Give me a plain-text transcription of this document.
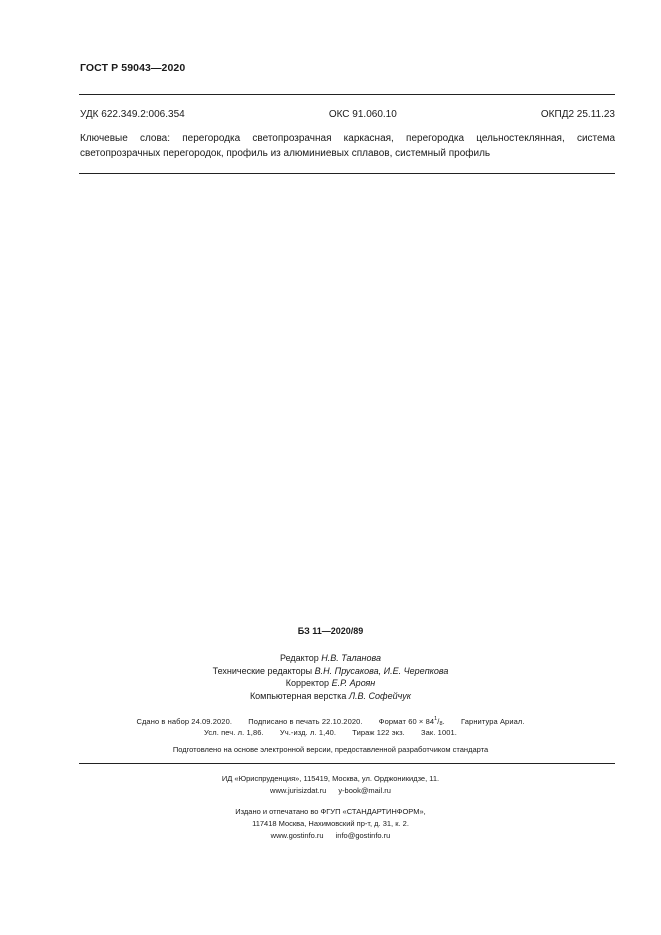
ГОСТ Р 59043—2020
УДК 622.349.2:006.354	ОКС 91.060.10	ОКПД2 25.11.23
Ключевые слова: перегородка светопрозрачная каркасная, перегородка цельностеклянная, система светопрозрачных перегородок, профиль из алюминиевых сплавов, системный профиль
БЗ 11—2020/89
Редактор Н.В. Таланова
Технические редакторы В.Н. Прусакова, И.Е. Черепкова
Корректор Е.Р. Ароян
Компьютерная верстка Л.В. Софейчук
Сдано в набор 24.09.2020. Подписано в печать 22.10.2020. Формат $60 \times 84^1/_8$. Гарнитура Ариал.
Усл. печ. л. 1,86. Уч.-изд. л. 1,40. Тираж 122 экз. Зак. 1001.
Подготовлено на основе электронной версии, предоставленной разработчиком стандарта
ИД «Юриспруденция», 115419, Москва, ул. Орджоникидзе, 11.
www.jurisizdat.ru y-book@mail.ru
Издано и отпечатано во ФГУП «СТАНДАРТИНФОРМ»,
117418 Москва, Нахимовский пр-т, д. 31, к. 2.
www.gostinfo.ru info@gostinfo.ru
